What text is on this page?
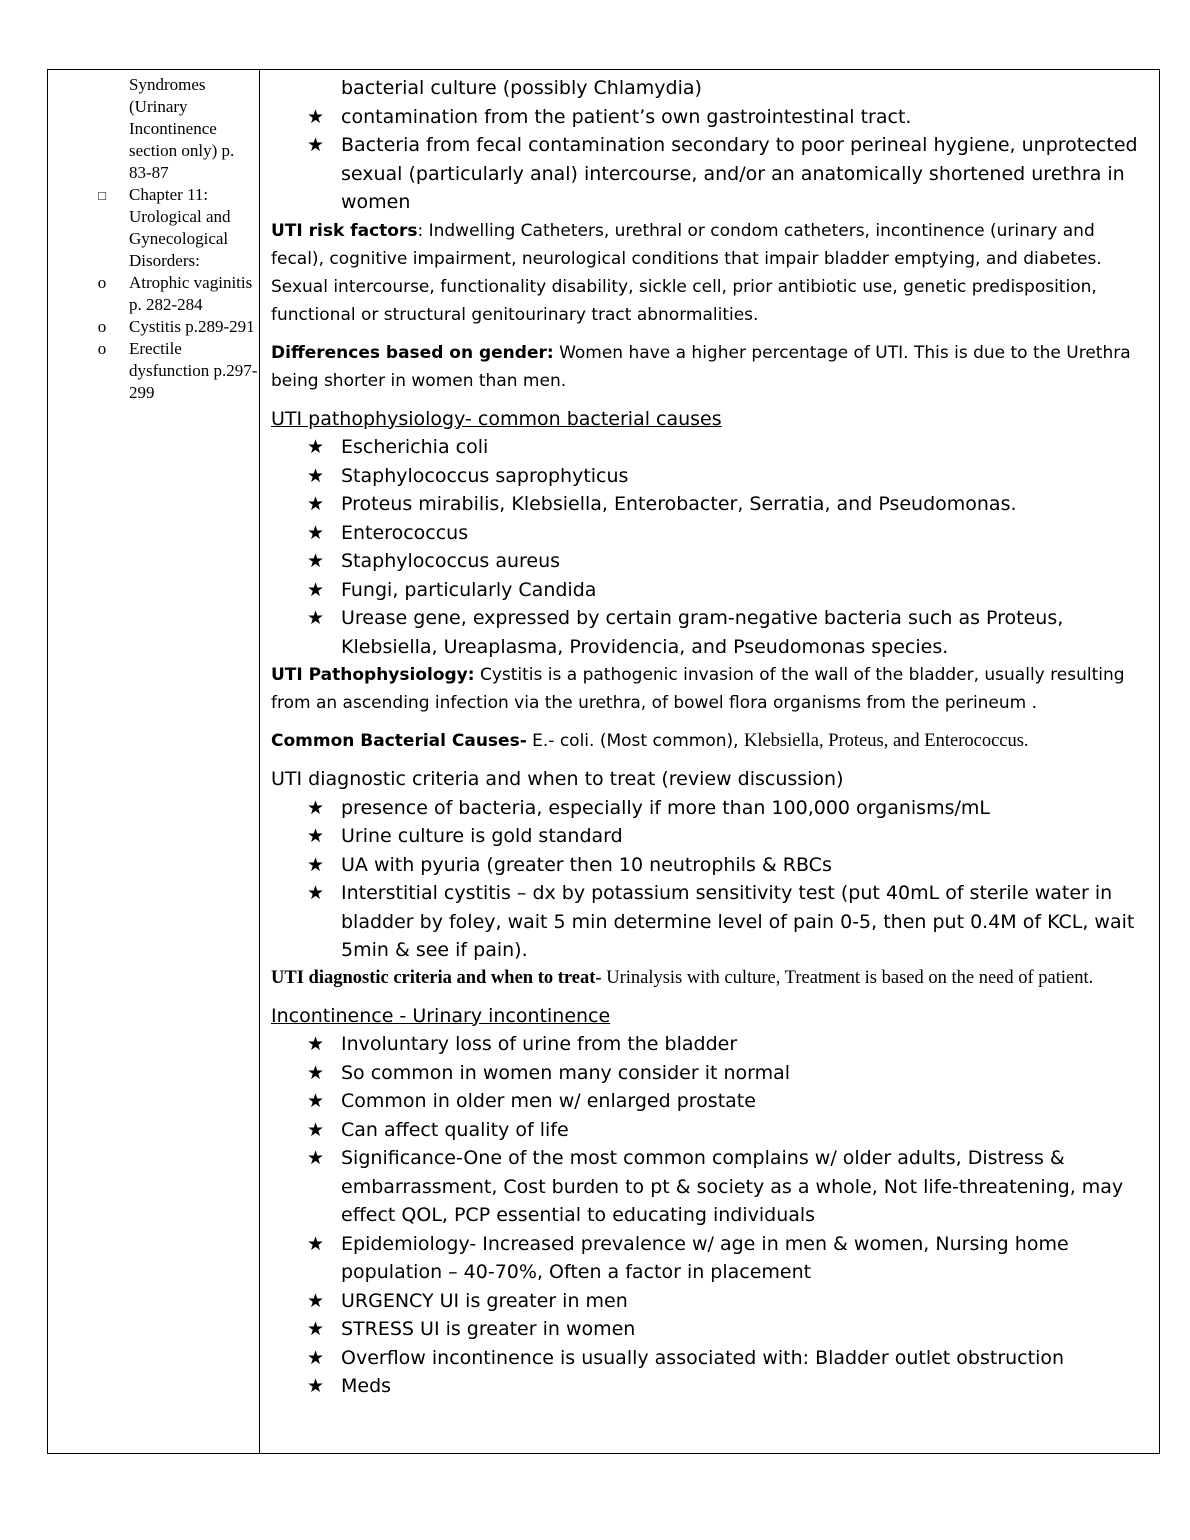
Syndromes (Urinary Incontinence section only) p. 83-87
□	Chapter 11: Urological and Gynecological Disorders:
o	Atrophic vaginitis p. 282-284
o	Cystitis p.289-291
o	Erectile dysfunction p.297-299
bacterial culture (possibly Chlamydia)
★ contamination from the patient’s own gastrointestinal tract.
★ Bacteria from fecal contamination secondary to poor perineal hygiene, unprotected sexual (particularly anal) intercourse, and/or an anatomically shortened urethra in women
UTI risk factors: Indwelling Catheters, urethral or condom catheters, incontinence (urinary and fecal), cognitive impairment, neurological conditions that impair bladder emptying, and diabetes. Sexual intercourse, functionality disability, sickle cell, prior antibiotic use, genetic predisposition, functional or structural genitourinary tract abnormalities.
Differences based on gender: Women have a higher percentage of UTI. This is due to the Urethra being shorter in women than men.
UTI pathophysiology- common bacterial causes
★ Escherichia coli
★ Staphylococcus saprophyticus
★ Proteus mirabilis, Klebsiella, Enterobacter, Serratia, and Pseudomonas.
★ Enterococcus
★ Staphylococcus aureus
★ Fungi, particularly Candida
★ Urease gene, expressed by certain gram-negative bacteria such as Proteus, Klebsiella, Ureaplasma, Providencia, and Pseudomonas species.
UTI Pathophysiology: Cystitis is a pathogenic invasion of the wall of the bladder, usually resulting from an ascending infection via the urethra, of bowel flora organisms from the perineum .
Common Bacterial Causes- E.- coli. (Most common), Klebsiella, Proteus, and Enterococcus.
UTI diagnostic criteria and when to treat (review discussion)
★ presence of bacteria, especially if more than 100,000 organisms/mL
★ Urine culture is gold standard
★ UA with pyuria (greater then 10 neutrophils & RBCs
★ Interstitial cystitis – dx by potassium sensitivity test (put 40mL of sterile water in bladder by foley, wait 5 min determine level of pain 0-5, then put 0.4M of KCL, wait 5min & see if pain).
UTI diagnostic criteria and when to treat- Urinalysis with culture, Treatment is based on the need of patient.
Incontinence - Urinary incontinence
★ Involuntary loss of urine from the bladder
★ So common in women many consider it normal
★ Common in older men w/ enlarged prostate
★ Can affect quality of life
★ Significance-One of the most common complains w/ older adults, Distress & embarrassment, Cost burden to pt & society as a whole, Not life-threatening, may effect QOL, PCP essential to educating individuals
★ Epidemiology- Increased prevalence w/ age in men & women, Nursing home population – 40-70%, Often a factor in placement
★ URGENCY UI is greater in men
★ STRESS UI is greater in women
★ Overflow incontinence is usually associated with: Bladder outlet obstruction
★ Meds
